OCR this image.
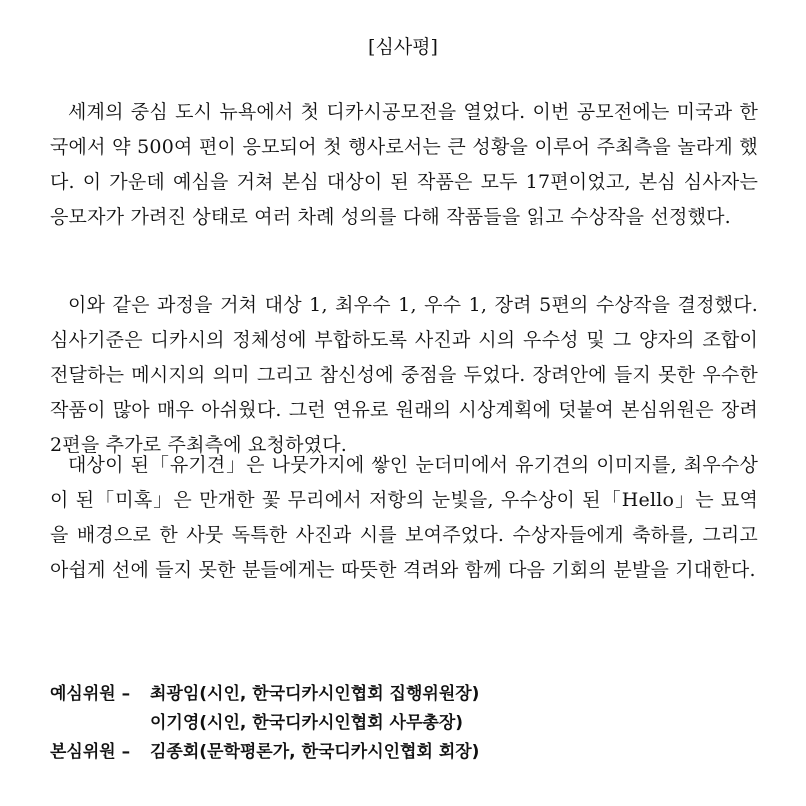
[심사평]
세계의 중심 도시 뉴욕에서 첫 디카시공모전을 열었다. 이번 공모전에는 미국과 한국에서 약 500여 편이 응모되어 첫 행사로서는 큰 성황을 이루어 주최측을 놀라게 했다. 이 가운데 예심을 거쳐 본심 대상이 된 작품은 모두 17편이었고, 본심 심사자는 응모자가 가려진 상태로 여러 차례 성의를 다해 작품들을 읽고 수상작을 선정했다.
이와 같은 과정을 거쳐 대상 1, 최우수 1, 우수 1, 장려 5편의 수상작을 결정했다. 심사기준은 디카시의 정체성에 부합하도록 사진과 시의 우수성 및 그 양자의 조합이 전달하는 메시지의 의미 그리고 참신성에 중점을 두었다. 장려안에 들지 못한 우수한 작품이 많아 매우 아쉬웠다. 그런 연유로 원래의 시상계획에 덧붙여 본심위원은 장려 2편을 추가로 주최측에 요청하였다.
대상이 된「유기견」은 나뭇가지에 쌓인 눈더미에서 유기견의 이미지를, 최우수상이 된「미혹」은 만개한 꽃 무리에서 저항의 눈빛을, 우수상이 된「Hello」는 묘역을 배경으로 한 사뭇 독특한 사진과 시를 보여주었다. 수상자들에게 축하를, 그리고 아쉽게 선에 들지 못한 분들에게는 따뜻한 격려와 함께 다음 기회의 분발을 기대한다.
예심위원 –	최광임(시인, 한국디카시인협회 집행위원장)
이기영(시인, 한국디카시인협회 사무총장)
본심위원 –	김종회(문학평론가, 한국디카시인협회 회장)
